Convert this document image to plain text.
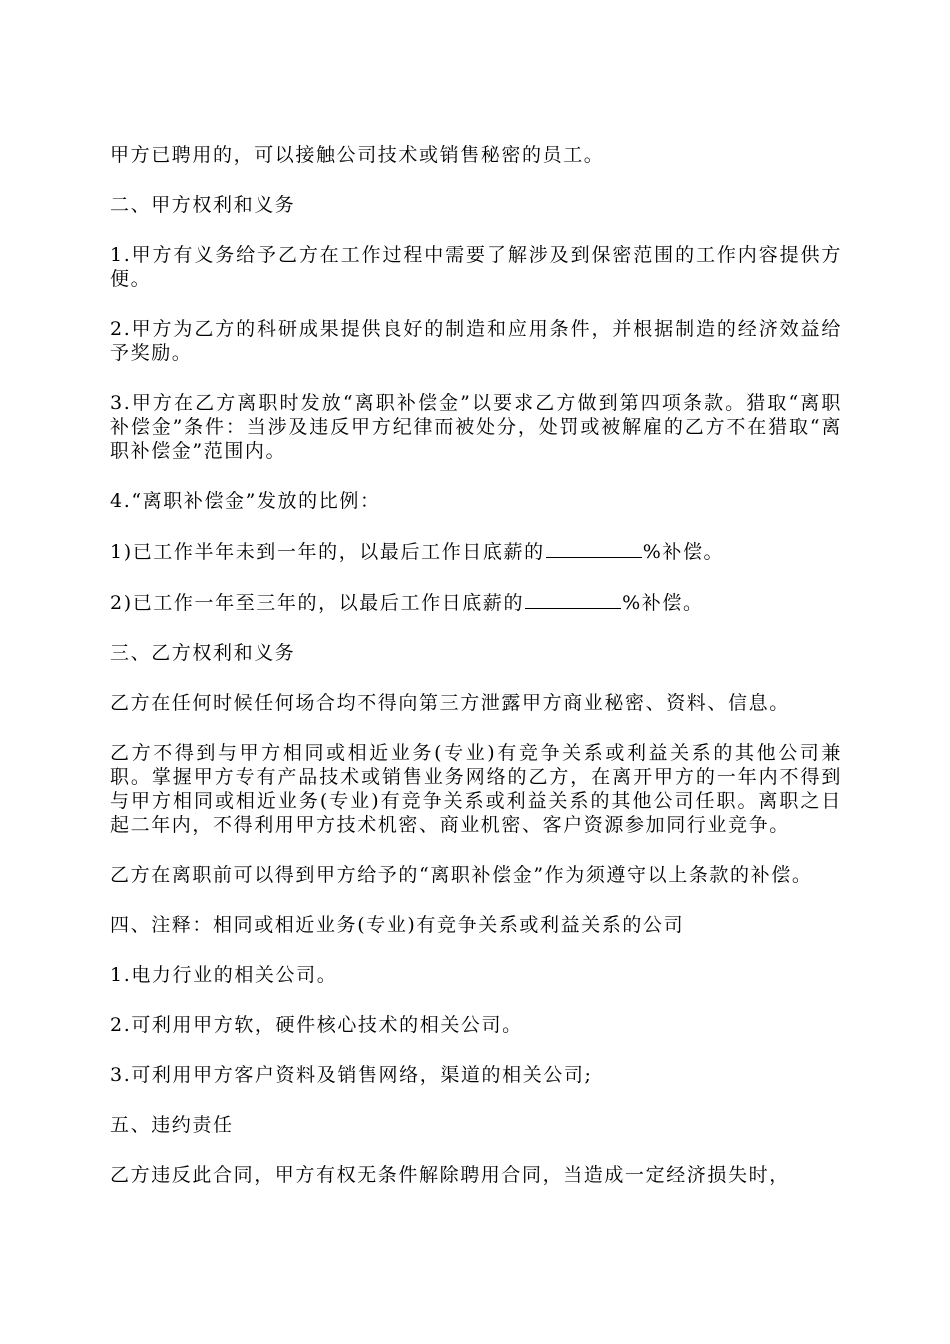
甲方已聘用的，可以接触公司技术或销售秘密的员工。

二、甲方权利和义务

1.甲方有义务给予乙方在工作过程中需要了解涉及到保密范围的工作内容提供方便。

2.甲方为乙方的科研成果提供良好的制造和应用条件，并根据制造的经济效益给予奖励。

3.甲方在乙方离职时发放“离职补偿金”以要求乙方做到第四项条款。猎取“离职补偿金”条件：当涉及违反甲方纪律而被处分，处罚或被解雇的乙方不在猎取“离职补偿金”范围内。

4.“离职补偿金”发放的比例：

1)已工作半年未到一年的，以最后工作日底薪的	%补偿。

2)已工作一年至三年的，以最后工作日底薪的	%补偿。

三、乙方权利和义务

乙方在任何时候任何场合均不得向第三方泄露甲方商业秘密、资料、信息。

乙方不得到与甲方相同或相近业务(专业)有竞争关系或利益关系的其他公司兼职。掌握甲方专有产品技术或销售业务网络的乙方，在离开甲方的一年内不得到与甲方相同或相近业务(专业)有竞争关系或利益关系的其他公司任职。离职之日起二年内，不得利用甲方技术机密、商业机密、客户资源参加同行业竞争。

乙方在离职前可以得到甲方给予的“离职补偿金”作为须遵守以上条款的补偿。

四、注释：相同或相近业务(专业)有竞争关系或利益关系的公司

1.电力行业的相关公司。

2.可利用甲方软，硬件核心技术的相关公司。

3.可利用甲方客户资料及销售网络，渠道的相关公司;

五、违约责任

乙方违反此合同，甲方有权无条件解除聘用合同，当造成一定经济损失时，
